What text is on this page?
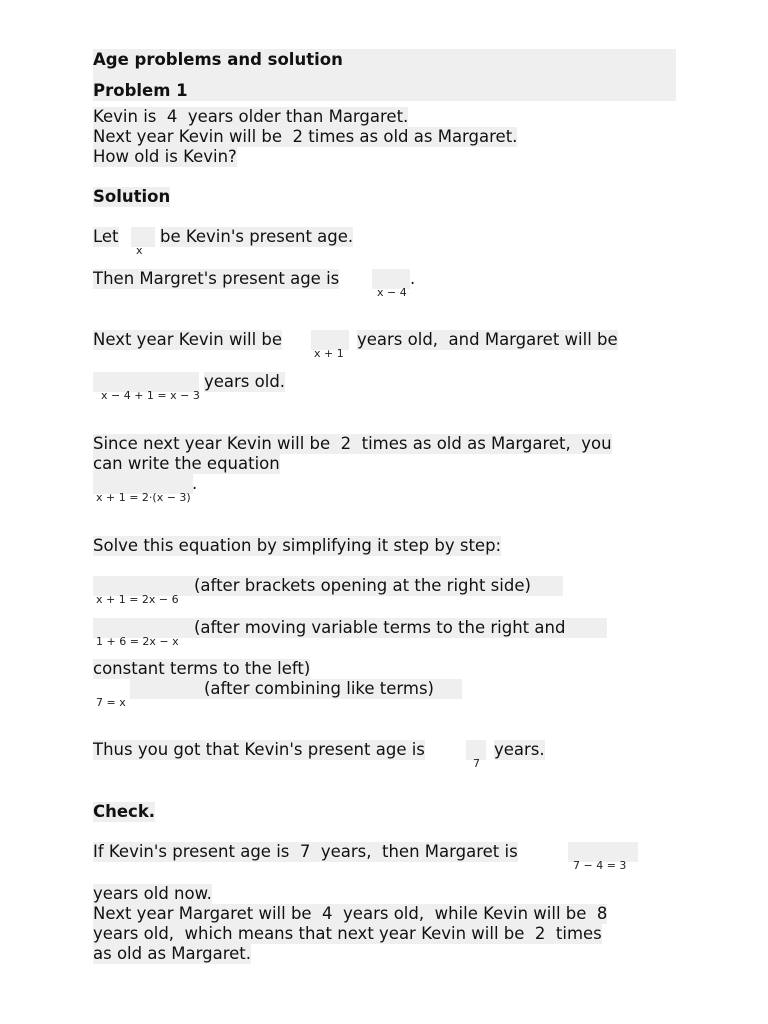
Age problems and solution
Problem 1
Kevin is  4  years older than Margaret.
Next year Kevin will be  2 times as old as Margaret.
How old is Kevin?
Solution
Let
x
be Kevin's present age.
Then Margret's present age is
x − 4
.
Next year Kevin will be
x + 1
years old,  and Margaret will be
x − 4 + 1 = x − 3
years old.
Since next year Kevin will be  2  times as old as Margaret,  you
can write the equation
x + 1 = 2·(x − 3)
.
Solve this equation by simplifying it step by step:
x + 1 = 2x − 6
(after brackets opening at the right side)
1 + 6 = 2x − x
(after moving variable terms to the right and
constant terms to the left)
7 = x
(after combining like terms)
Thus you got that Kevin's present age is
7
years.
Check.
If Kevin's present age is  7  years,  then Margaret is
7 − 4 = 3
years old now.
Next year Margaret will be  4  years old,  while Kevin will be  8
years old,  which means that next year Kevin will be  2  times
as old as Margaret.
